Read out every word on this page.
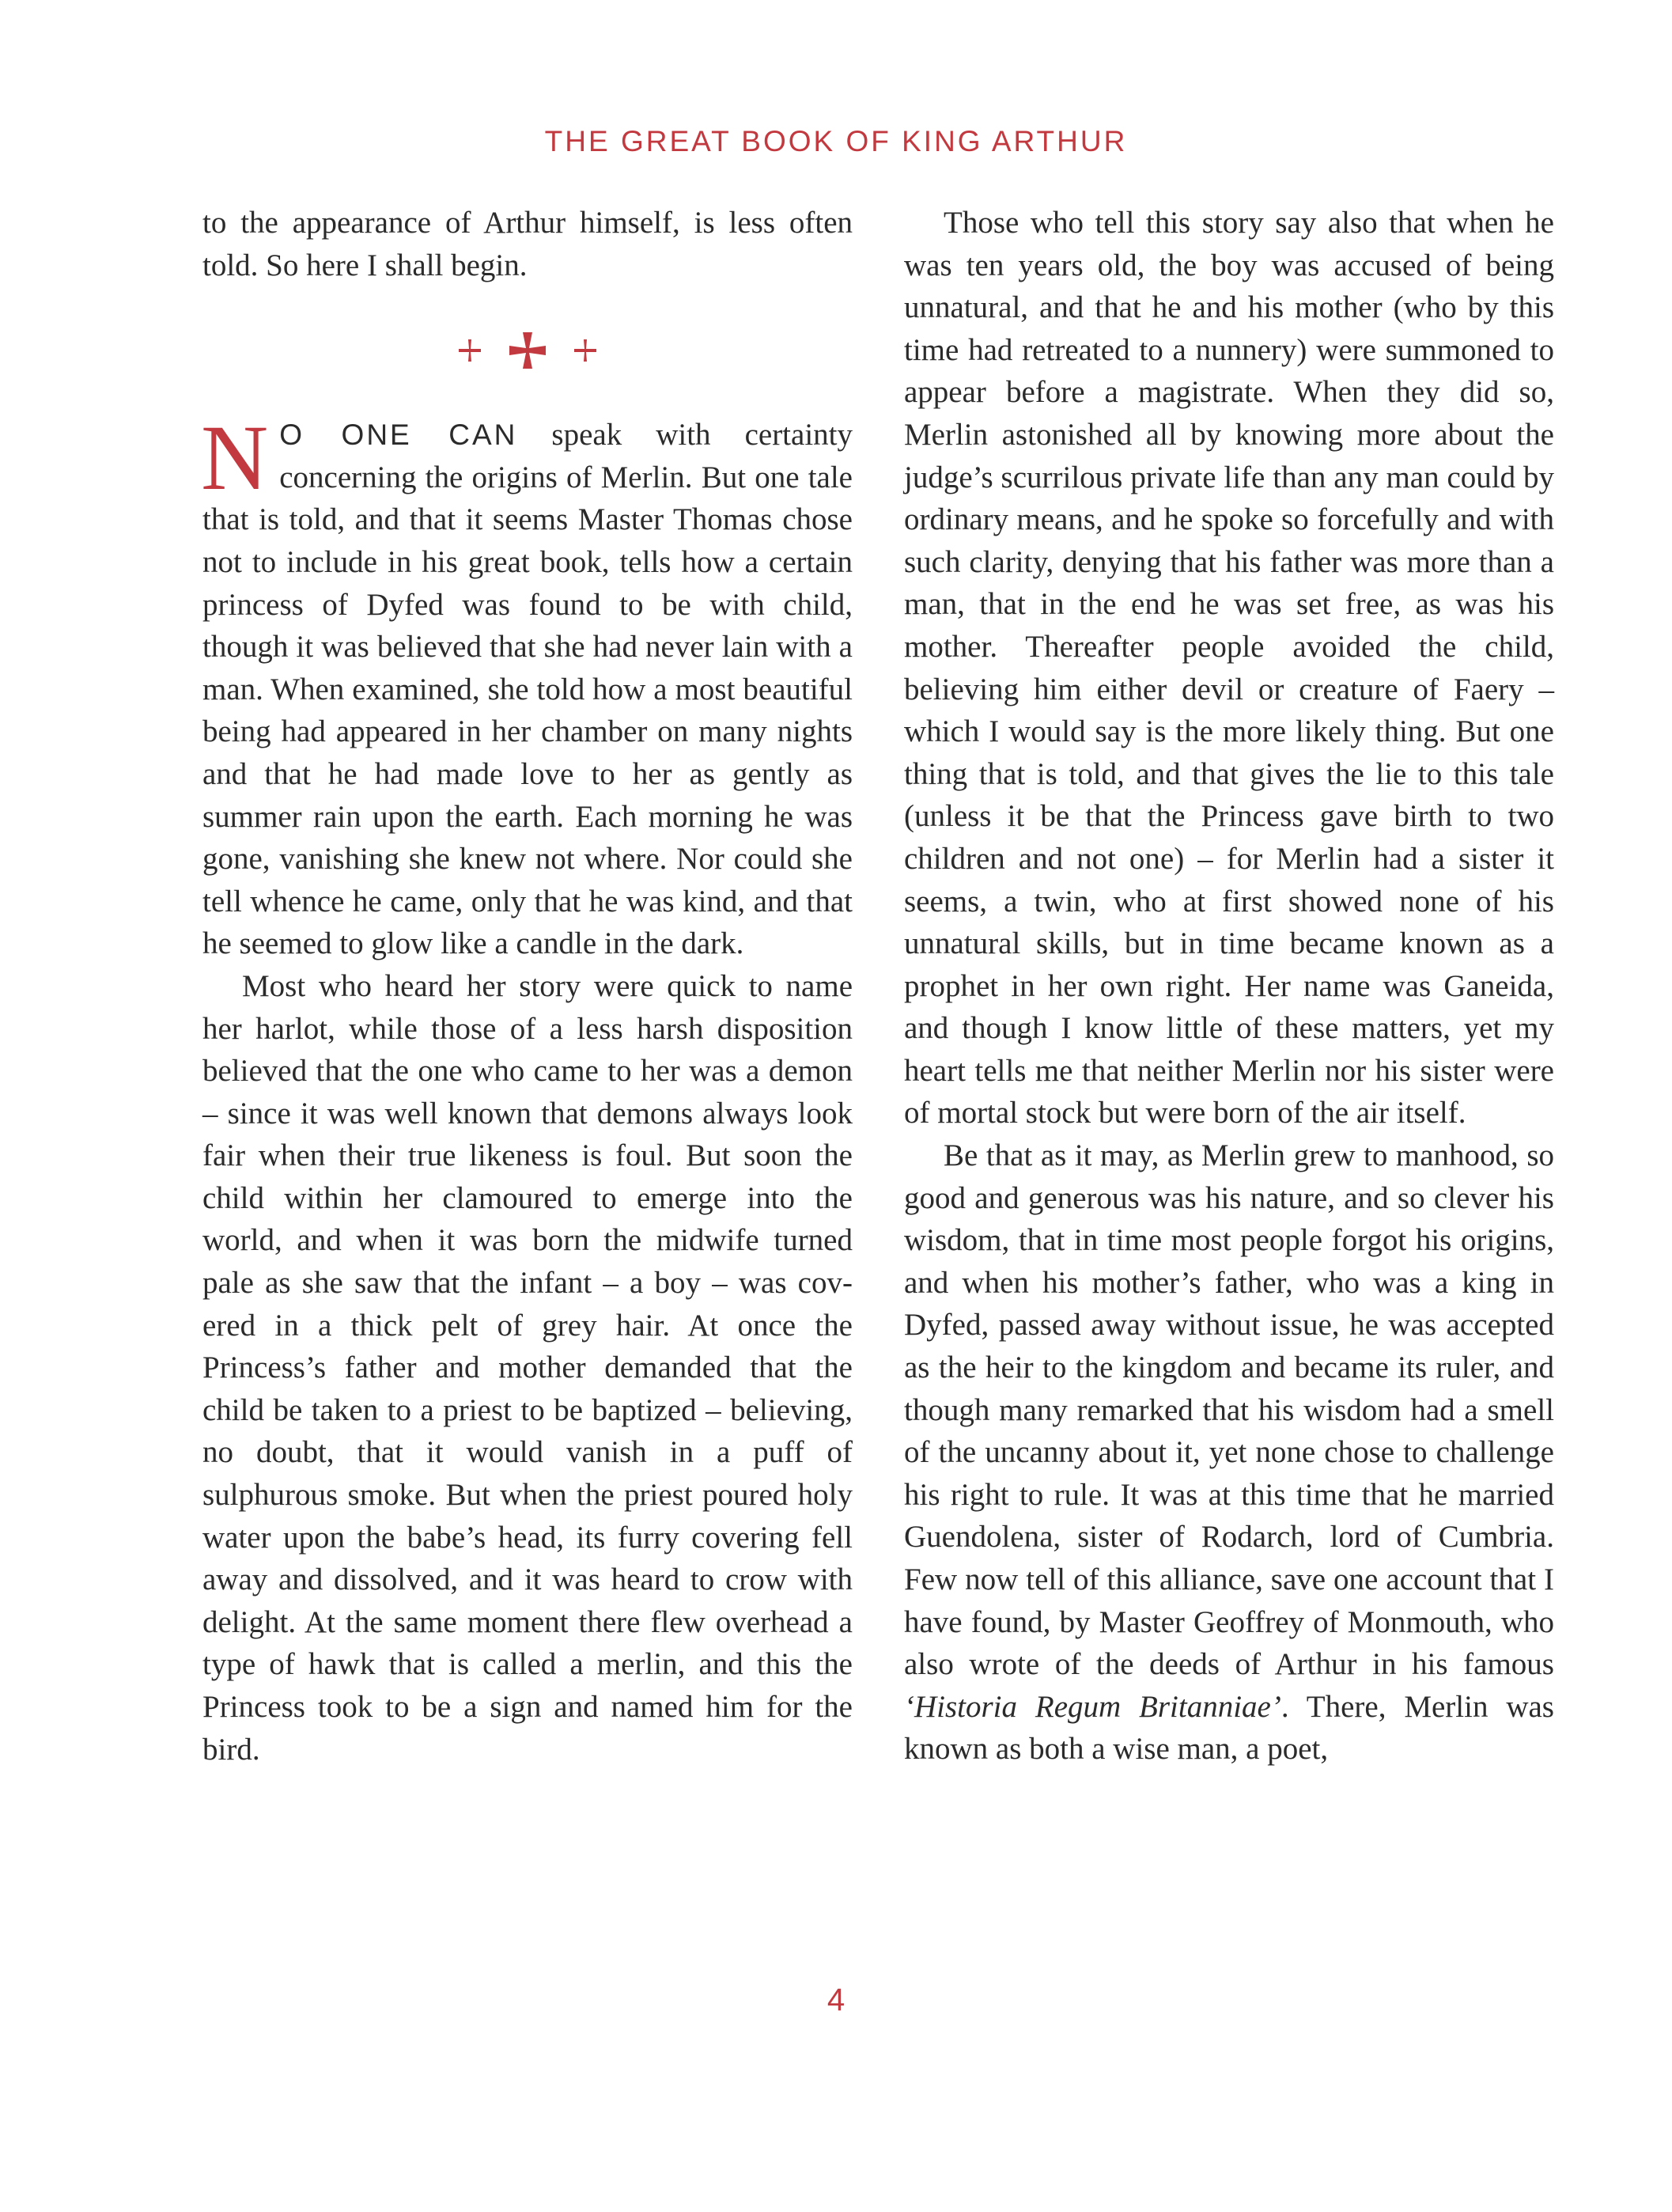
THE GREAT BOOK OF KING ARTHUR

to the appearance of Arthur himself, is less often told. So here I shall begin.

N O ONE CAN speak with certainty concerning the origins of Merlin. But one tale that is told, and that it seems Master Thomas chose not to include in his great book, tells how a certain princess of Dyfed was found to be with child, though it was believed that she had never lain with a man. When examined, she told how a most beautiful being had appeared in her chamber on many nights and that he had made love to her as gently as summer rain upon the earth. Each morning he was gone, vanishing she knew not where. Nor could she tell whence he came, only that he was kind, and that he seemed to glow like a candle in the dark.

Most who heard her story were quick to name her harlot, while those of a less harsh disposition believed that the one who came to her was a demon – since it was well known that demons always look fair when their true likeness is foul. But soon the child within her clamoured to emerge into the world, and when it was born the midwife turned pale as she saw that the infant – a boy – was covered in a thick pelt of grey hair. At once the Princess’s father and mother demanded that the child be taken to a priest to be baptized – believing, no doubt, that it would vanish in a puff of sulphurous smoke. But when the priest poured holy water upon the babe’s head, its furry covering fell away and dissolved, and it was heard to crow with delight. At the same moment there flew overhead a type of hawk that is called a merlin, and this the Princess took to be a sign and named him for the bird.

Those who tell this story say also that when he was ten years old, the boy was accused of being unnatural, and that he and his mother (who by this time had retreated to a nunnery) were summoned to appear before a magistrate. When they did so, Merlin astonished all by knowing more about the judge’s scurrilous private life than any man could by ordinary means, and he spoke so forcefully and with such clarity, denying that his father was more than a man, that in the end he was set free, as was his mother. Thereafter people avoided the child, believing him either devil or creature of Faery – which I would say is the more likely thing. But one thing that is told, and that gives the lie to this tale (unless it be that the Princess gave birth to two children and not one) – for Merlin had a sister it seems, a twin, who at first showed none of his unnatural skills, but in time became known as a prophet in her own right. Her name was Ganeida, and though I know little of these matters, yet my heart tells me that neither Merlin nor his sister were of mortal stock but were born of the air itself.

Be that as it may, as Merlin grew to manhood, so good and generous was his nature, and so clever his wisdom, that in time most people forgot his origins, and when his mother’s father, who was a king in Dyfed, passed away without issue, he was accepted as the heir to the kingdom and became its ruler, and though many remarked that his wisdom had a smell of the uncanny about it, yet none chose to challenge his right to rule. It was at this time that he married Guendolena, sister of Rodarch, lord of Cumbria. Few now tell of this alliance, save one account that I have found, by Master Geoffrey of Monmouth, who also wrote of the deeds of Arthur in his famous ‘Historia Regum Britanniae’. There, Merlin was known as both a wise man, a poet,

4
